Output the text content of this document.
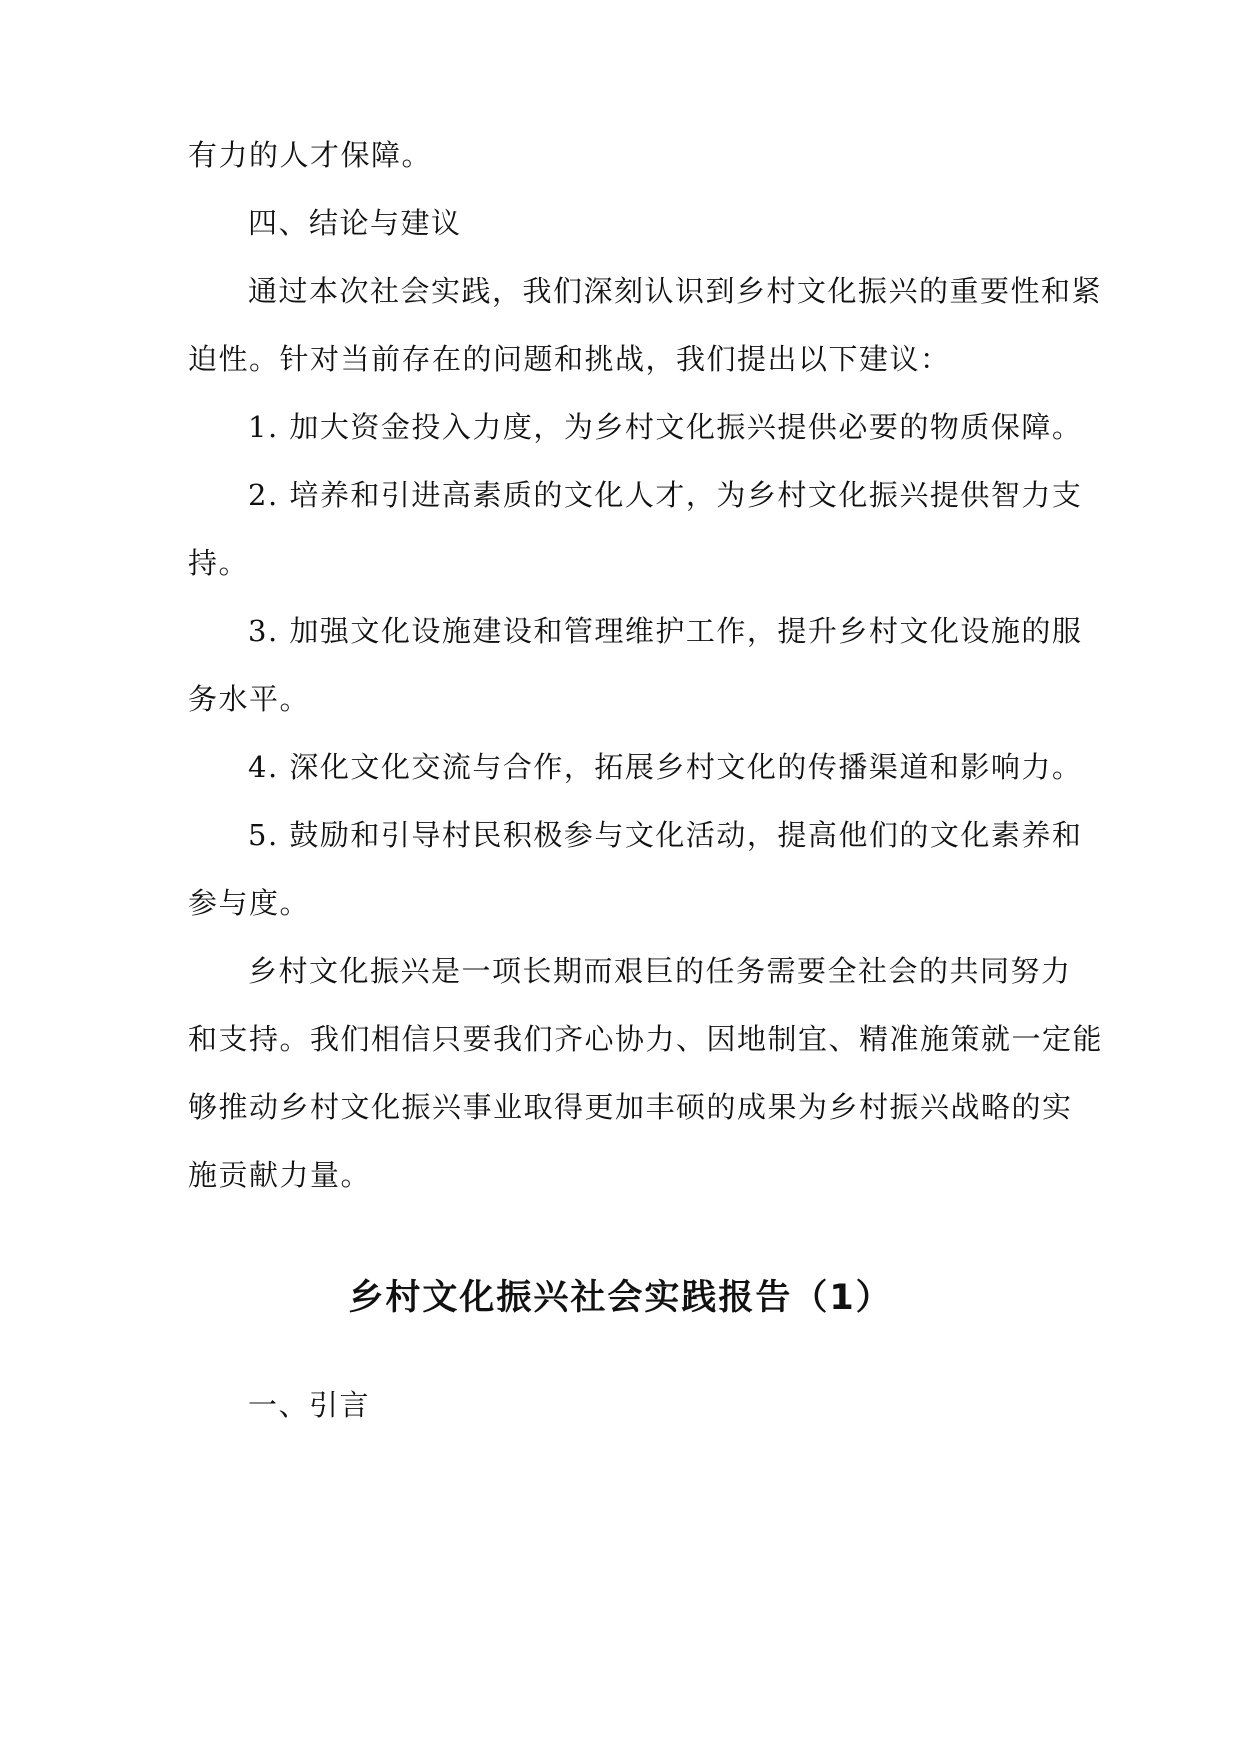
有力的人才保障。
四、结论与建议
通过本次社会实践，我们深刻认识到乡村文化振兴的重要性和紧
迫性。针对当前存在的问题和挑战，我们提出以下建议：
1. 加大资金投入力度，为乡村文化振兴提供必要的物质保障。
2. 培养和引进高素质的文化人才，为乡村文化振兴提供智力支
持。
3. 加强文化设施建设和管理维护工作，提升乡村文化设施的服
务水平。
4. 深化文化交流与合作，拓展乡村文化的传播渠道和影响力。
5. 鼓励和引导村民积极参与文化活动，提高他们的文化素养和
参与度。
乡村文化振兴是一项长期而艰巨的任务需要全社会的共同努力
和支持。我们相信只要我们齐心协力、因地制宜、精准施策就一定能
够推动乡村文化振兴事业取得更加丰硕的成果为乡村振兴战略的实
施贡献力量。
乡村文化振兴社会实践报告（1）
一、引言
